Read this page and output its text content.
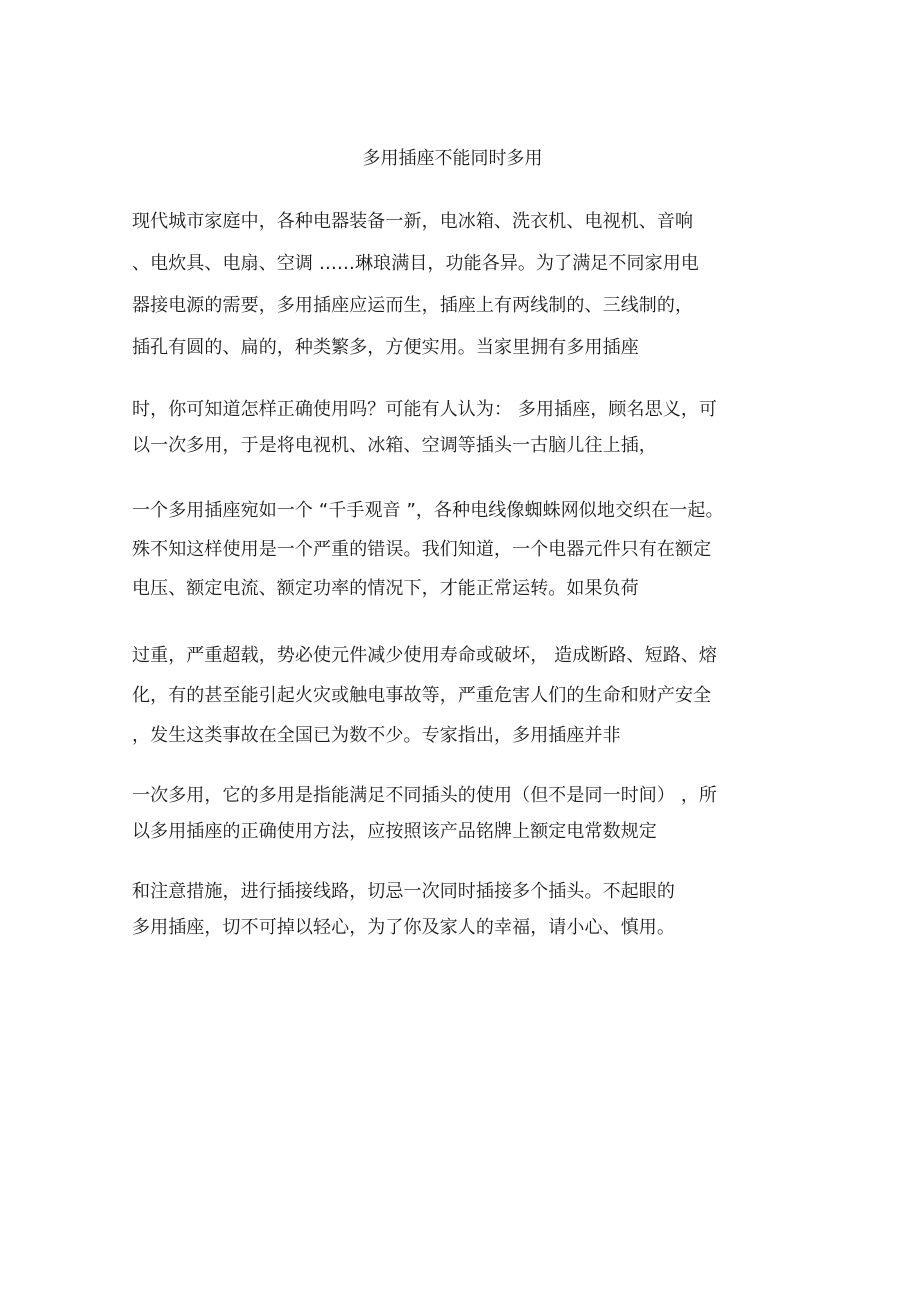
多用插座不能同时多用
现代城市家庭中，各种电器装备一新，电冰箱、洗衣机、电视机、音响
、电炊具、电扇、空调 ……琳琅满目，功能各异。为了满足不同家用电
器接电源的需要，多用插座应运而生，插座上有两线制的、三线制的，
插孔有圆的、扁的，种类繁多，方便实用。当家里拥有多用插座
时，你可知道怎样正确使用吗？可能有人认为： 多用插座，顾名思义，可
以一次多用，于是将电视机、冰箱、空调等插头一古脑儿往上插，
一个多用插座宛如一个 “千手观音 ”，各种电线像蜘蛛网似地交织在一起。
殊不知这样使用是一个严重的错误。我们知道，一个电器元件只有在额定
电压、额定电流、额定功率的情况下，才能正常运转。如果负荷
过重，严重超载，势必使元件减少使用寿命或破坏， 造成断路、短路、熔
化，有的甚至能引起火灾或触电事故等，严重危害人们的生命和财产安全
，发生这类事故在全国已为数不少。专家指出，多用插座并非
一次多用，它的多用是指能满足不同插头的使用（但不是同一时间） ，所
以多用插座的正确使用方法，应按照该产品铭牌上额定电常数规定
和注意措施，进行插接线路，切忌一次同时插接多个插头。不起眼的
多用插座，切不可掉以轻心，为了你及家人的幸福，请小心、慎用。
